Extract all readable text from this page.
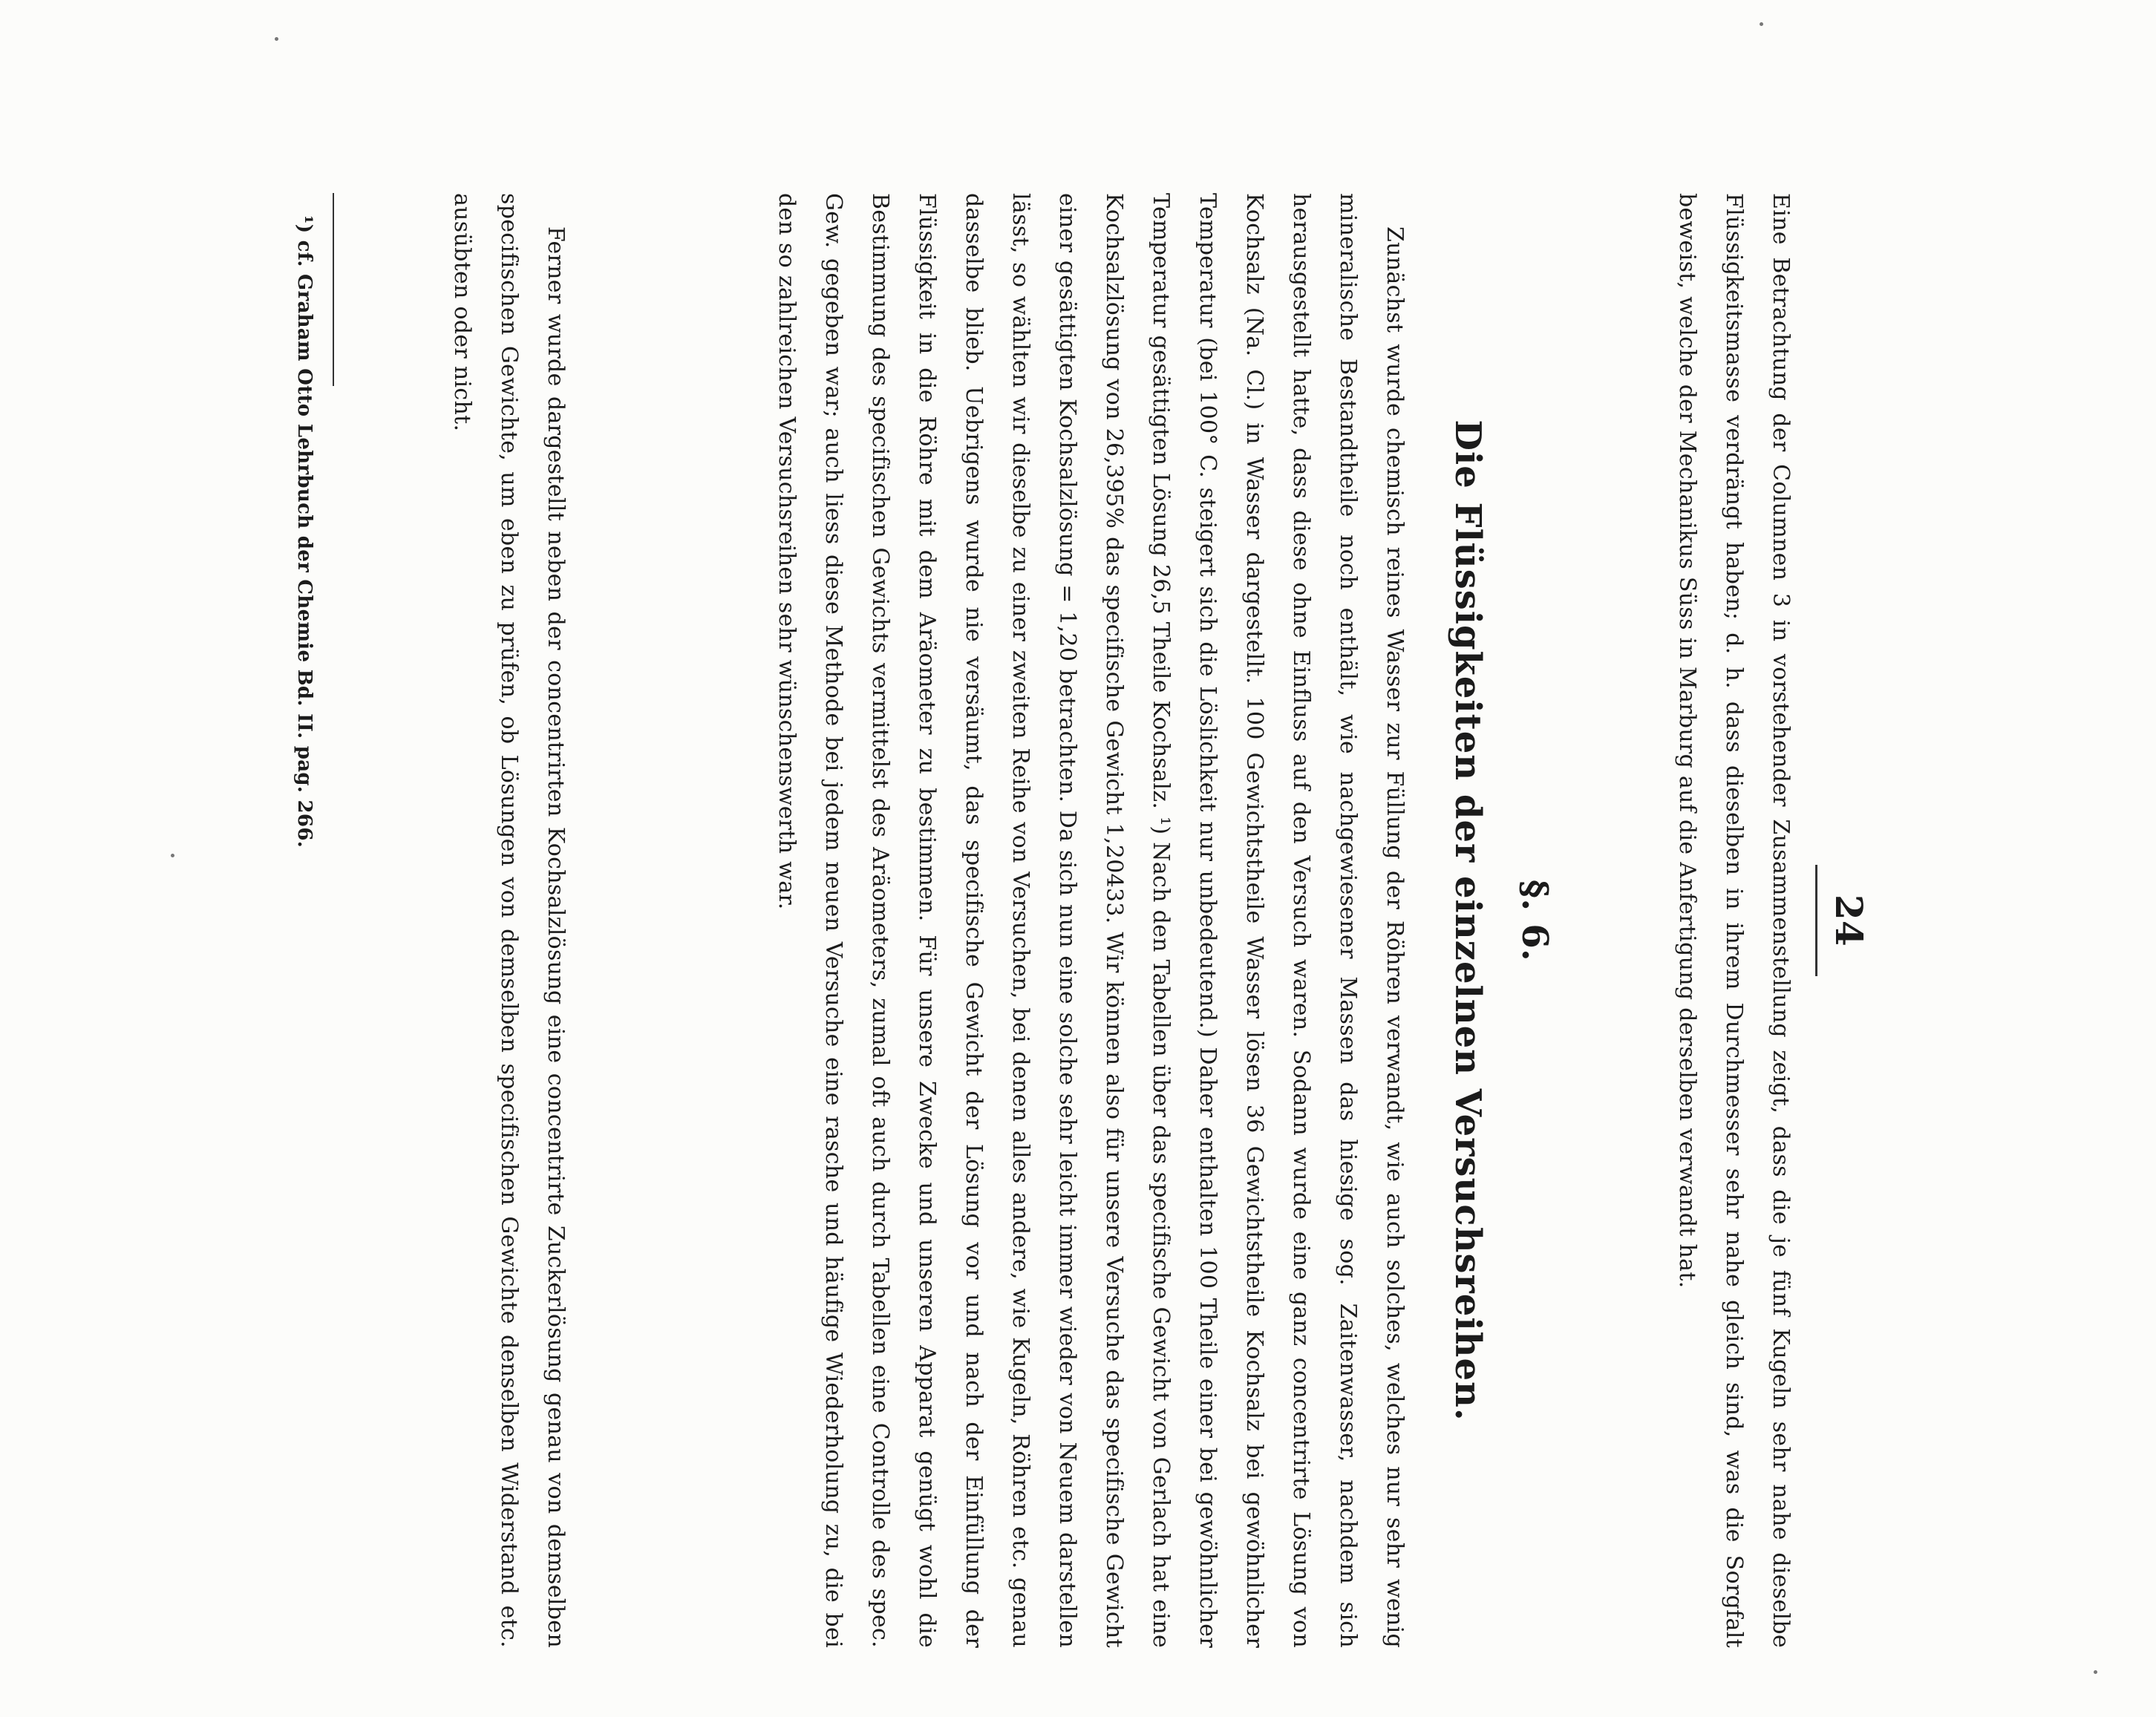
24

Eine Betrachtung der Columnen 3 in vorstehender Zusammenstellung zeigt, dass die je fünf Kugeln sehr nahe dieselbe Flüssigkeitsmasse verdrängt haben; d. h. dass dieselben in ihrem Durchmesser sehr nahe gleich sind, was die Sorgfalt beweist, welche der Mechanikus Süss in Marburg auf die Anfertigung derselben verwandt hat.

§. 6.
Die Flüssigkeiten der einzelnen Versuchsreihen.

Zunächst wurde chemisch reines Wasser zur Füllung der Röhren verwandt, wie auch solches, welches nur sehr wenig mineralische Bestandtheile noch enthält, wie nachgewiesener Massen das hiesige sog. Zaitenwasser, nachdem sich herausgestellt hatte, dass diese ohne Einfluss auf den Versuch waren. Sodann wurde eine ganz concentrirte Lösung von Kochsalz (Na. Cl.) in Wasser dargestellt. 100 Gewichtstheile Wasser lösen 36 Gewichtstheile Kochsalz bei gewöhnlicher Temperatur (bei 100° C. steigert sich die Löslichkeit nur unbedeutend.) Daher enthalten 100 Theile einer bei gewöhnlicher Temperatur gesättigten Lösung 26,5 Theile Kochsalz. ¹) Nach den Tabellen über das specifische Gewicht von Gerlach hat eine Kochsalzlösung von 26,395% das specifische Gewicht 1,20433. Wir können also für unsere Versuche das specifische Gewicht einer gesättigten Kochsalzlösung = 1,20 betrachten. Da sich nun eine solche sehr leicht immer wieder von Neuem darstellen lässt, so wählten wir dieselbe zu einer zweiten Reihe von Versuchen, bei denen alles andere, wie Kugeln, Röhren etc. genau dasselbe blieb. Uebrigens wurde nie versäumt, das specifische Gewicht der Lösung vor und nach der Einfüllung der Flüssigkeit in die Röhre mit dem Aräometer zu bestimmen. Für unsere Zwecke und unseren Apparat genügt wohl die Bestimmung des specifischen Gewichts vermittelst des Aräometers, zumal oft auch durch Tabellen eine Controlle des spec. Gew. gegeben war; auch liess diese Methode bei jedem neuen Versuche eine rasche und häufige Wiederholung zu, die bei den so zahlreichen Versuchsreihen sehr wünschenswerth war.

Ferner wurde dargestellt neben der concentrirten Kochsalzlösung eine concentrirte Zuckerlösung genau von demselben specifischen Gewichte, um eben zu prüfen, ob Lösungen von demselben specifischen Gewichte denselben Widerstand etc. ausübten oder nicht.

¹) cf. Graham Otto Lehrbuch der Chemie Bd. II. pag. 266.
